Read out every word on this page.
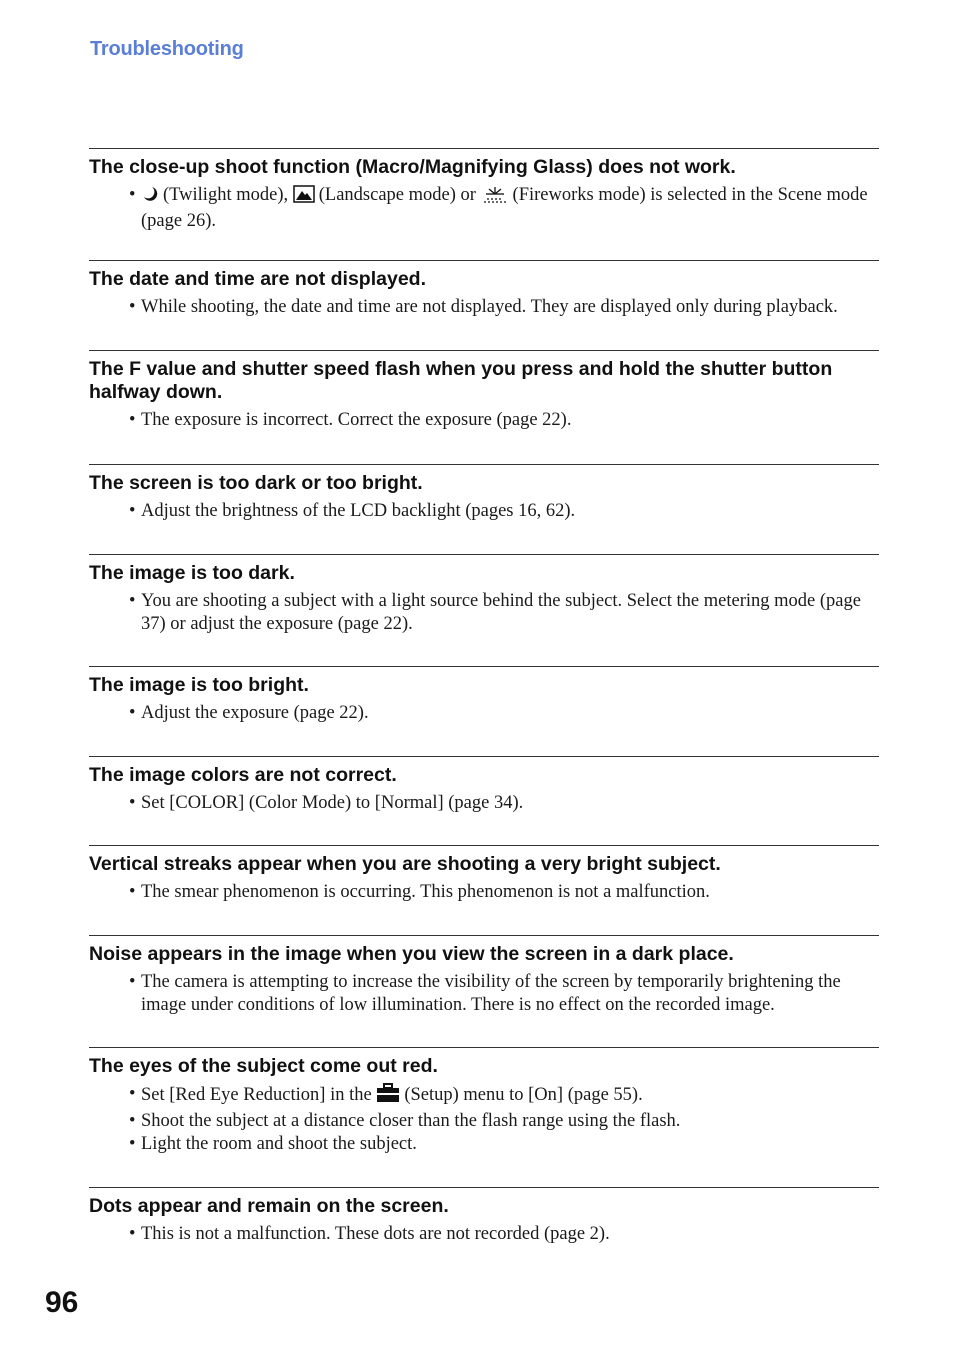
Troubleshooting
The close-up shoot function (Macro/Magnifying Glass) does not work.
• (Twilight mode), (Landscape mode) or (Fireworks mode) is selected in the Scene mode (page 26).
The date and time are not displayed.
• While shooting, the date and time are not displayed. They are displayed only during playback.
The F value and shutter speed flash when you press and hold the shutter button halfway down.
• The exposure is incorrect. Correct the exposure (page 22).
The screen is too dark or too bright.
• Adjust the brightness of the LCD backlight (pages 16, 62).
The image is too dark.
• You are shooting a subject with a light source behind the subject. Select the metering mode (page 37) or adjust the exposure (page 22).
The image is too bright.
• Adjust the exposure (page 22).
The image colors are not correct.
• Set [COLOR] (Color Mode) to [Normal] (page 34).
Vertical streaks appear when you are shooting a very bright subject.
• The smear phenomenon is occurring. This phenomenon is not a malfunction.
Noise appears in the image when you view the screen in a dark place.
• The camera is attempting to increase the visibility of the screen by temporarily brightening the image under conditions of low illumination. There is no effect on the recorded image.
The eyes of the subject come out red.
• Set [Red Eye Reduction] in the (Setup) menu to [On] (page 55).
• Shoot the subject at a distance closer than the flash range using the flash.
• Light the room and shoot the subject.
Dots appear and remain on the screen.
• This is not a malfunction. These dots are not recorded (page 2).
96
